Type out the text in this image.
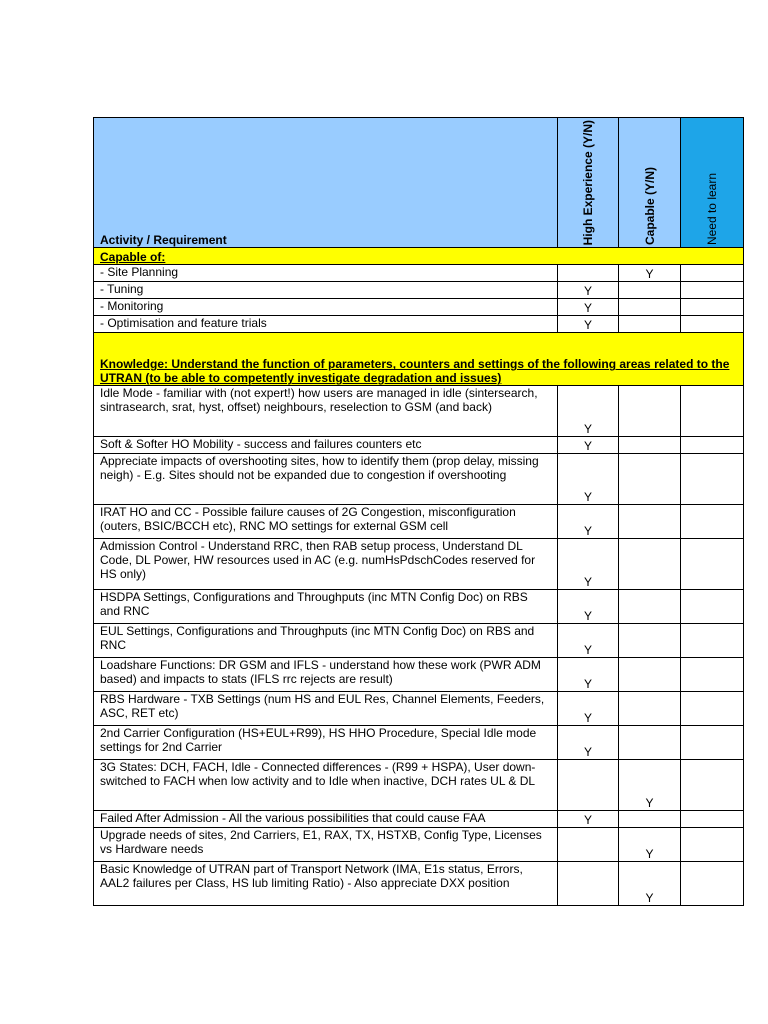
Activity / Requirement	High Experience (Y/N)	Capable (Y/N)	Need to learn

Capable of:			
- Site Planning		Y	
- Tuning	Y		
- Monitoring	Y		
- Optimisation and feature trials	Y		
Knowledge: Understand the function of parameters, counters and settings of the following areas related to the UTRAN (to be able to competently investigate degradation and issues)			
Idle Mode - familiar with (not expert!) how users are managed in idle (sintersearch, sintrasearch, srat, hyst, offset) neighbours, reselection to GSM (and back)	Y		
Soft & Softer HO Mobility - success and failures counters etc	Y		
Appreciate impacts of overshooting sites, how to identify them (prop delay, missing neigh) - E.g. Sites should not be expanded due to congestion if overshooting	Y		
IRAT HO and CC - Possible failure causes of 2G Congestion, misconfiguration (outers, BSIC/BCCH etc), RNC MO settings for external GSM cell	Y		
Admission Control - Understand RRC, then RAB setup process, Understand DL Code, DL Power, HW resources used in AC (e.g. numHsPdschCodes reserved for HS only)	Y		
HSDPA Settings, Configurations and Throughputs (inc MTN Config Doc) on RBS and RNC	Y		
EUL Settings, Configurations and Throughputs (inc MTN Config Doc) on RBS and RNC	Y		
Loadshare Functions: DR GSM and IFLS - understand how these work (PWR ADM based) and impacts to stats (IFLS rrc rejects are result)	Y		
RBS Hardware - TXB Settings (num HS and EUL Res, Channel Elements, Feeders, ASC, RET etc)	Y		
2nd Carrier Configuration (HS+EUL+R99), HS HHO Procedure, Special Idle mode settings for 2nd Carrier	Y		
3G States: DCH, FACH, Idle - Connected differences - (R99 + HSPA), User down-switched to FACH when low activity and to Idle when inactive, DCH rates UL & DL		Y	
Failed After Admission - All the various possibilities that could cause FAA	Y		
Upgrade needs of sites, 2nd Carriers, E1, RAX, TX, HSTXB, Config Type, Licenses vs Hardware needs		Y	
Basic Knowledge of UTRAN part of Transport Network (IMA, E1s status, Errors, AAL2 failures per Class, HS lub limiting Ratio) - Also appreciate DXX position		Y	
